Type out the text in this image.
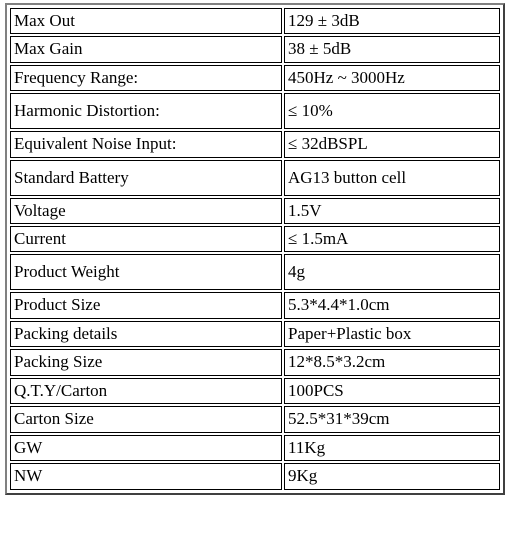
Max Out	129 ± 3dB
Max Gain	38 ± 5dB
Frequency Range:	450Hz ~ 3000Hz
Harmonic Distortion:	≤ 10%
Equivalent Noise Input:	≤ 32dBSPL
Standard Battery	AG13 button cell
Voltage	1.5V
Current	≤ 1.5mA
Product Weight	4g
Product Size	5.3*4.4*1.0cm
Packing details	Paper+Plastic box
Packing Size	12*8.5*3.2cm
Q.T.Y/Carton	100PCS
Carton Size	52.5*31*39cm
GW	11Kg
NW	9Kg
